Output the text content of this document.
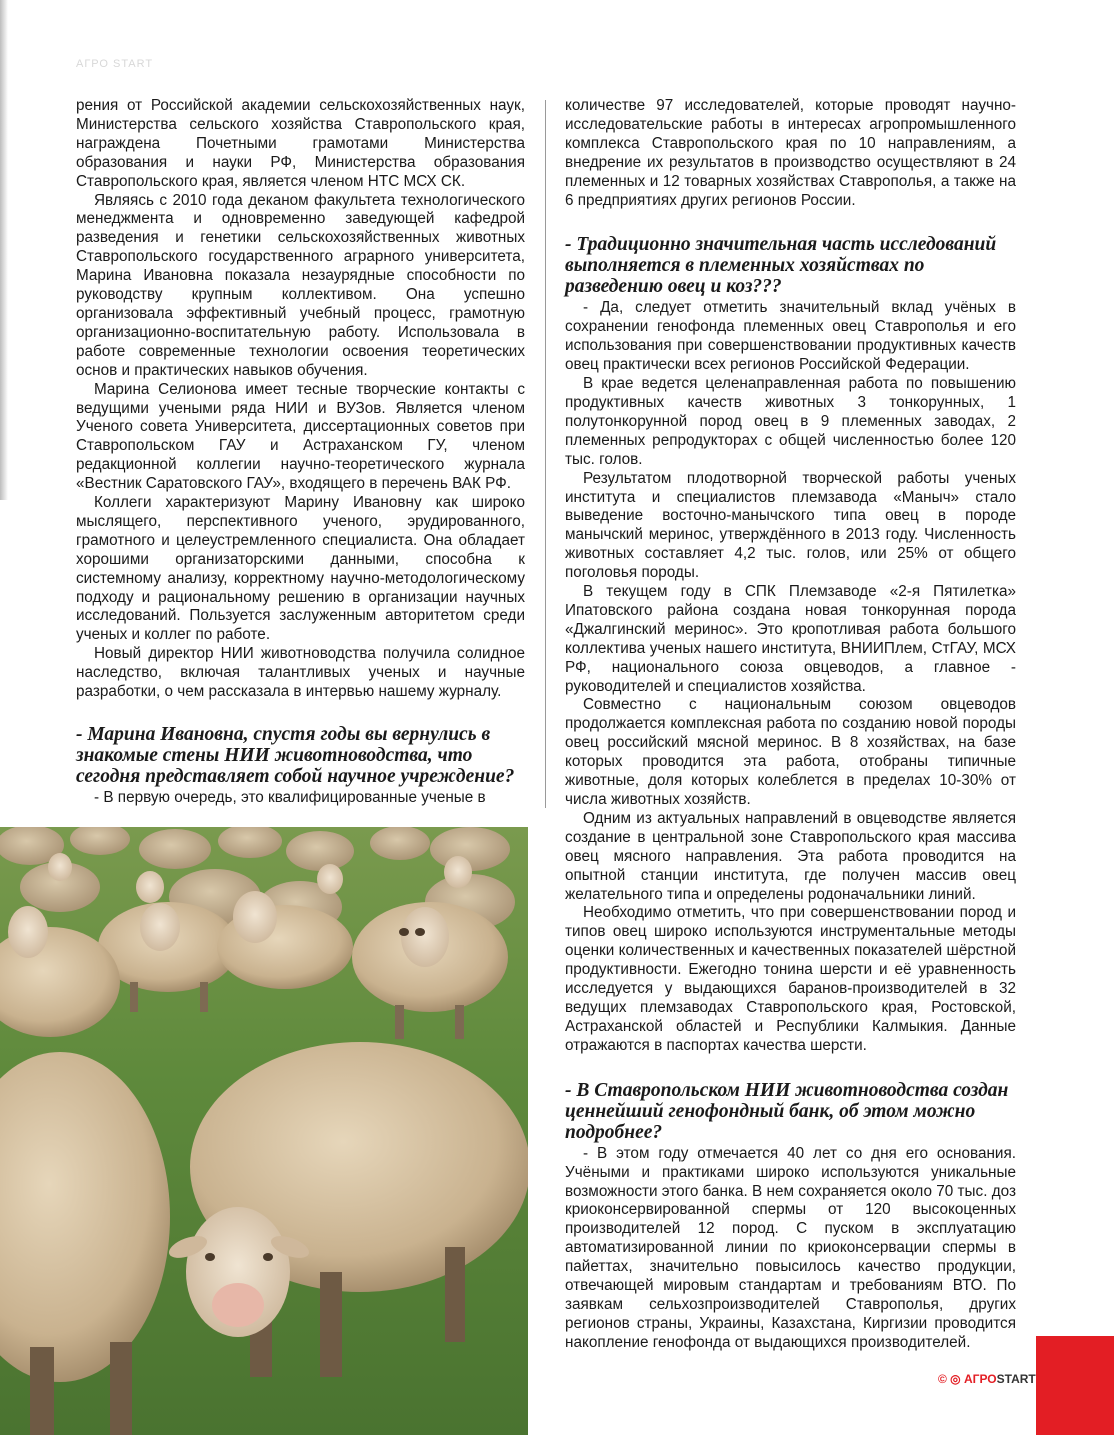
АГРО START

рения от Российской академии сельскохозяйственных наук, Министерства сельского хозяйства Ставропольского края, награждена Почетными грамотами Министерства образования и науки РФ, Министерства образования Ставропольского края, является членом НТС МСХ СК.

Являясь с 2010 года деканом факультета технологического менеджмента и одновременно заведующей кафедрой разведения и генетики сельскохозяйственных животных Ставропольского государственного аграрного университета, Марина Ивановна показала незаурядные способности по руководству крупным коллективом. Она успешно организовала эффективный учебный процесс, грамотную организационно-воспитательную работу. Использовала в работе современные технологии освоения теоретических основ и практических навыков обучения.

Марина Селионова имеет тесные творческие контакты с ведущими учеными ряда НИИ и ВУЗов. Является членом Ученого совета Университета, диссертационных советов при Ставропольском ГАУ и Астраханском ГУ, членом редакционной коллегии научно-теоретического журнала «Вестник Саратовского ГАУ», входящего в перечень ВАК РФ.

Коллеги характеризуют Марину Ивановну как широко мыслящего, перспективного ученого, эрудированного, грамотного и целеустремленного специалиста. Она обладает хорошими организаторскими данными, способна к системному анализу, корректному научно-методологическому подходу и рациональному решению в организации научных исследований. Пользуется заслуженным авторитетом среди ученых и коллег по работе.

Новый директор НИИ животноводства получила солидное наследство, включая талантливых ученых и научные разработки, о чем рассказала в интервью нашему журналу.

- Марина Ивановна, спустя годы вы вернулись в знакомые стены НИИ животноводства, что сегодня представляет собой научное учреждение?

- В первую очередь, это квалифицированные ученые в

количестве 97 исследователей, которые проводят научно-исследовательские работы в интересах агропромышленного комплекса Ставропольского края по 10 направлениям, а внедрение их результатов в производство осуществляют в 24 племенных и 12 товарных хозяйствах Ставрополья, а также на 6 предприятиях других регионов России.

- Традиционно значительная часть исследований выполняется в племенных хозяйствах по разведению овец и коз???

- Да, следует отметить значительный вклад учёных в сохранении генофонда племенных овец Ставрополья и его использования при совершенствовании продуктивных качеств овец практически всех регионов Российской Федерации.

В крае ведется целенаправленная работа по повышению продуктивных качеств животных 3 тонкорунных, 1 полутонкорунной пород овец в 9 племенных заводах, 2 племенных репродукторах с общей численностью более 120 тыс. голов.

Результатом плодотворной творческой работы ученых института и специалистов племзавода «Маныч» стало выведение восточно-манычского типа овец в породе манычский меринос, утверждённого в 2013 году. Численность животных составляет 4,2 тыс. голов, или 25% от общего поголовья породы.

В текущем году в СПК Племзаводе «2-я Пятилетка» Ипатовского района создана новая тонкорунная порода «Джалгинский меринос». Это кропотливая работа большого коллектива ученых нашего института, ВНИИПлем, СтГАУ, МСХ РФ, национального союза овцеводов, а главное - руководителей и специалистов хозяйства.

Совместно с национальным союзом овцеводов продолжается комплексная работа по созданию новой породы овец российский мясной меринос. В 8 хозяйствах, на базе которых проводится эта работа, отобраны типичные животные, доля которых колеблется в пределах 10-30% от числа животных хозяйств.

Одним из актуальных направлений в овцеводстве является создание в центральной зоне Ставропольского края массива овец мясного направления. Эта работа проводится на опытной станции института, где получен массив овец желательного типа и определены родоначальники линий.

Необходимо отметить, что при совершенствовании пород и типов овец широко используются инструментальные методы оценки количественных и качественных показателей шёрстной продуктивности. Ежегодно тонина шерсти и её уравненность исследуется у выдающихся баранов-производителей в 32 ведущих племзаводах Ставропольского края, Ростовской, Астраханской областей и Республики Калмыкия. Данные отражаются в паспортах качества шерсти.

- В Ставропольском НИИ животноводства создан ценнейший генофондный банк, об этом можно подробнее?

- В этом году отмечается 40 лет со дня его основания. Учёными и практиками широко используются уникальные возможности этого банка. В нем сохраняется около 70 тыс. доз криоконсервированной спермы от 120 высокоценных производителей 12 пород. С пуском в эксплуатацию автоматизированной линии по криоконсервации спермы в пайеттах, значительно повысилось качество продукции, отвечающей мировым стандартам и требованиям ВТО. По заявкам сельхозпроизводителей Ставрополья, других регионов страны, Украины, Казахстана, Киргизии проводится накопление генофонда от выдающихся производителей.

© ◎ АГРОSTART
